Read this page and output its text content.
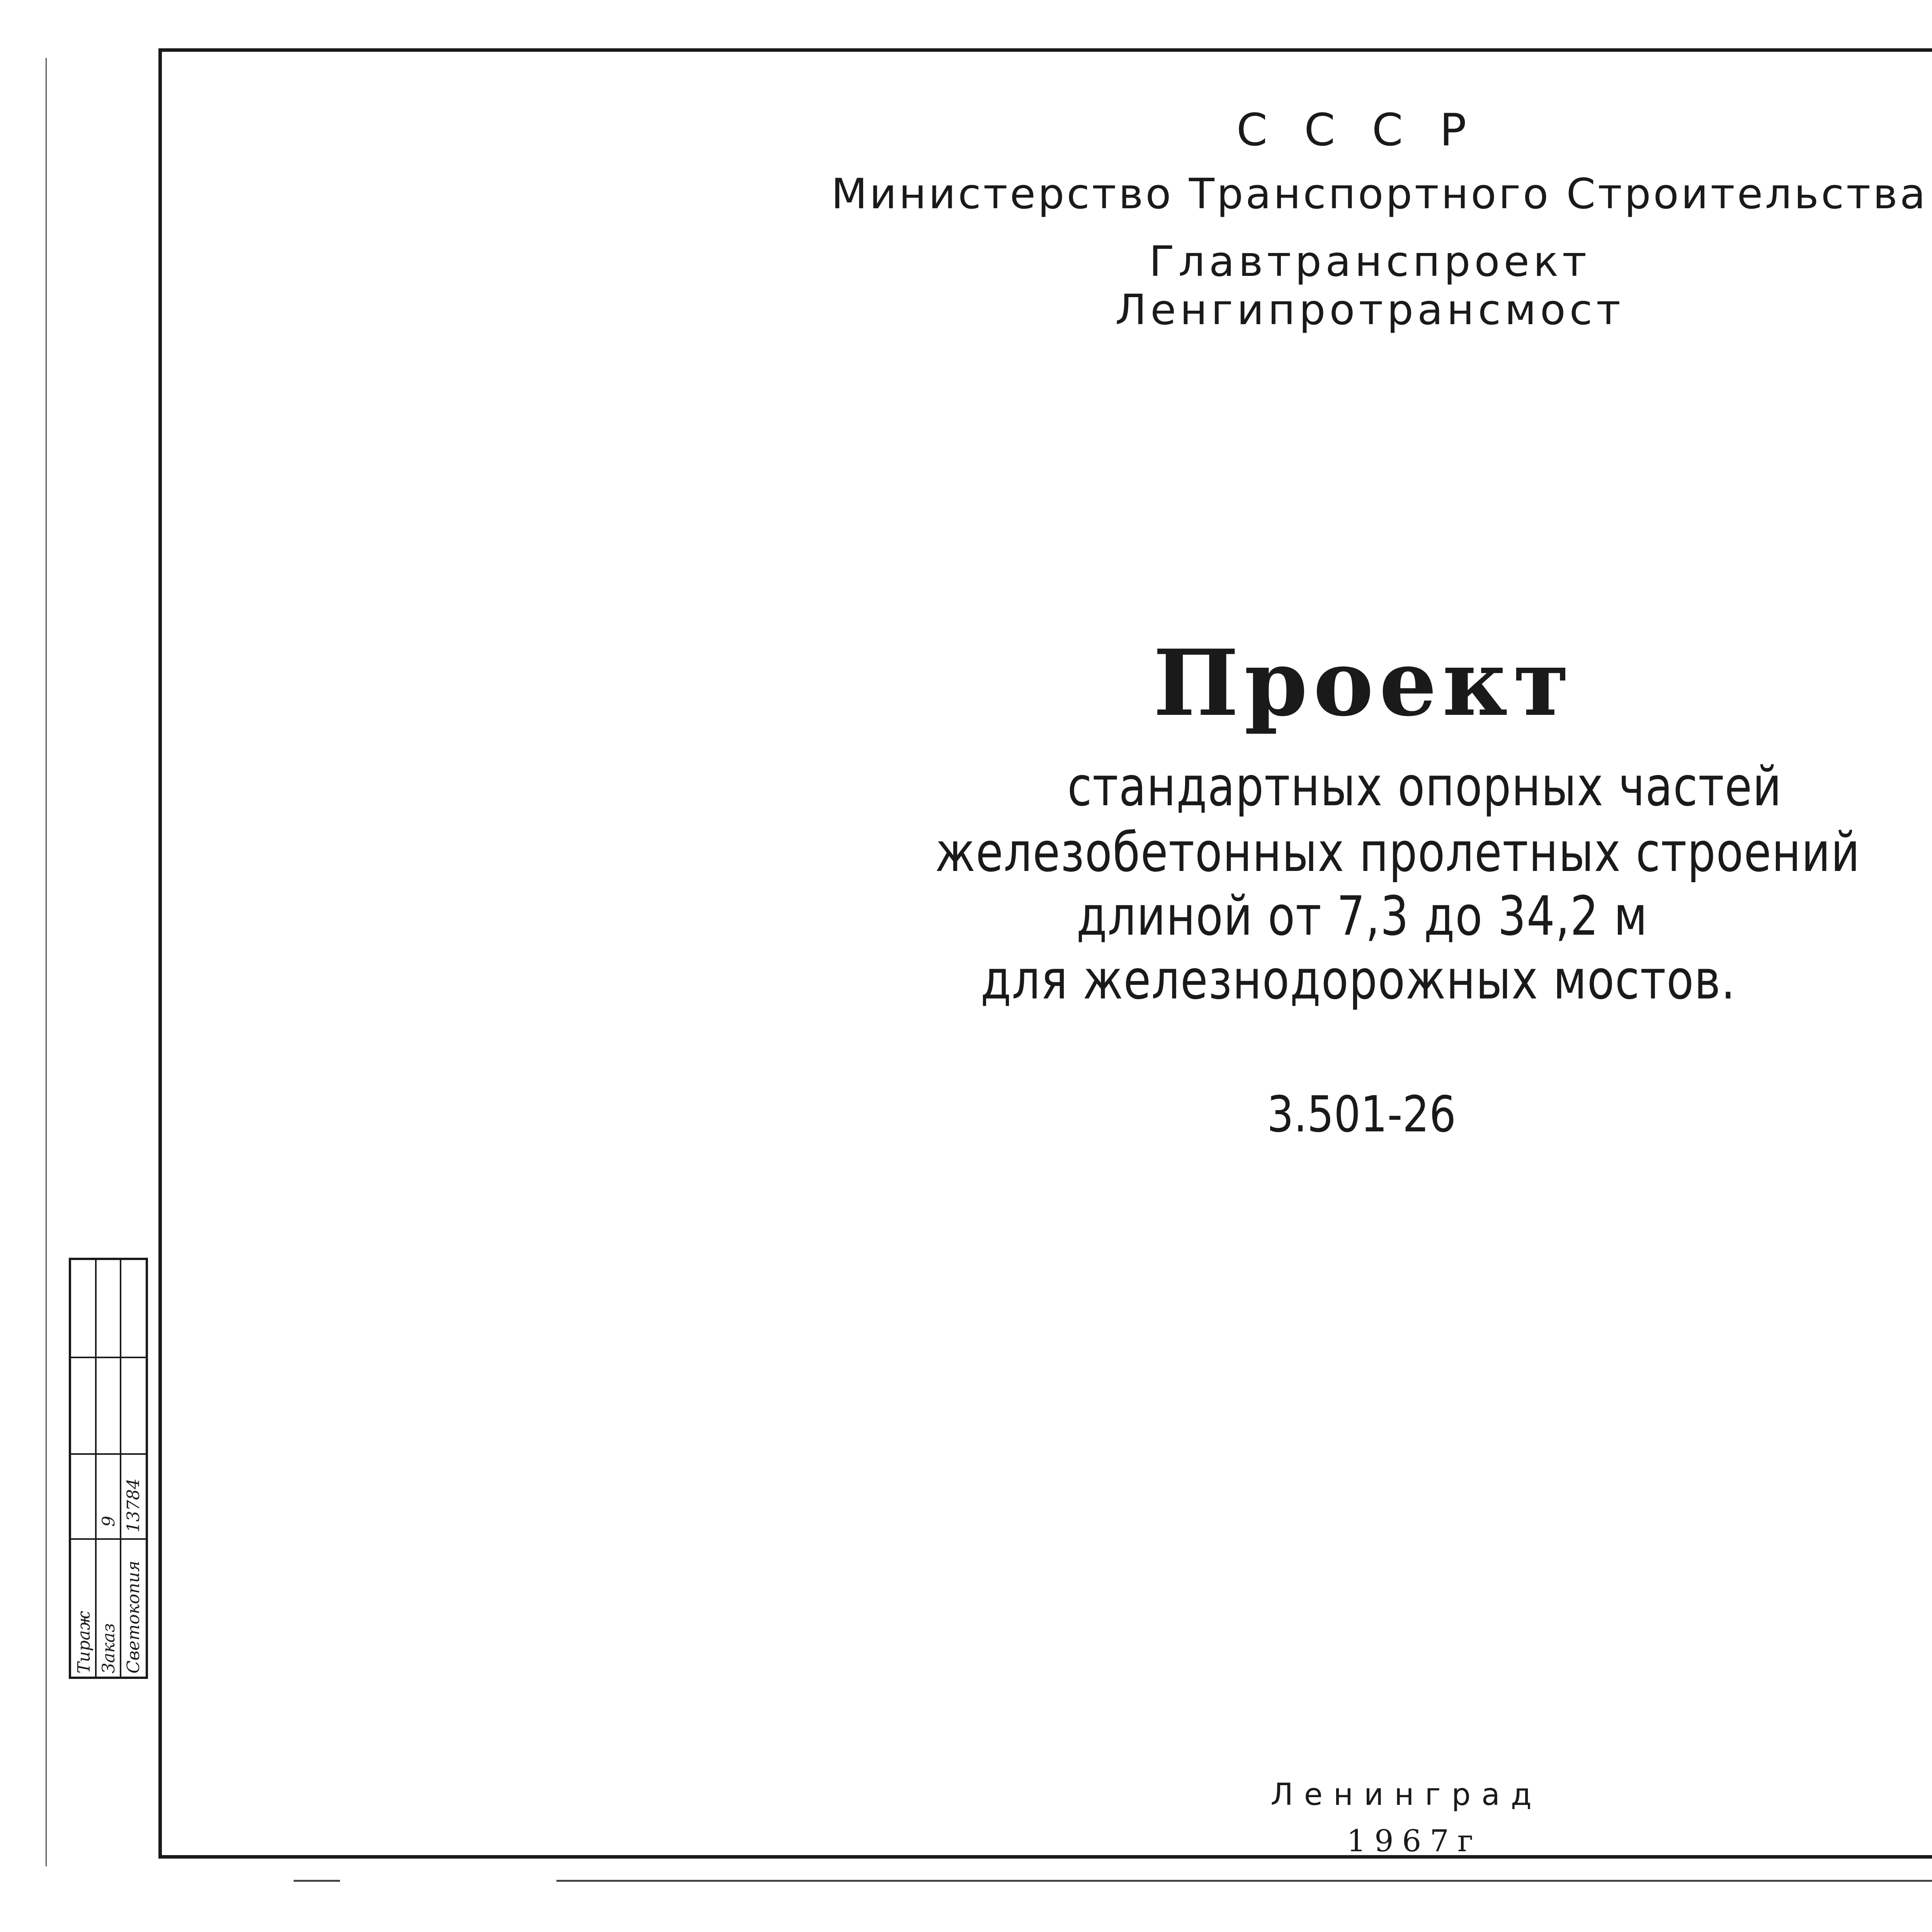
СССР
Министерство Транспортного Строительства
Главтранспроект
Ленгипротрансмост
Проект
стандартных опорных частей
железобетонных пролетных строений
длиной от 7,3 до 34,2 м
для железнодорожных мостов.
3.501-26
Ленинград
1967г
Тираж Заказ Светокопия
9 13784
